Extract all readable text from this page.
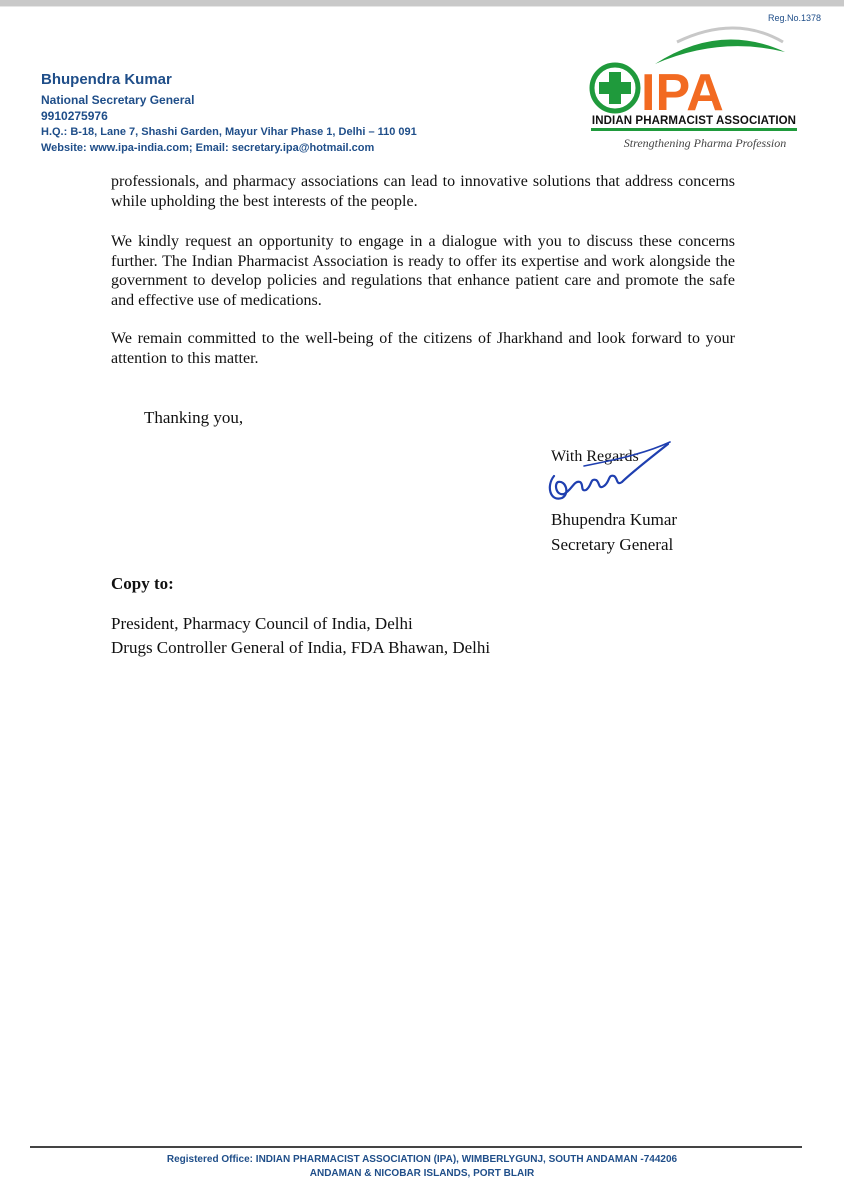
Bhupendra Kumar
National Secretary General
9910275976
H.Q.: B-18, Lane 7, Shashi Garden, Mayur Vihar Phase 1, Delhi – 110 091
Website: www.ipa-india.com; Email: secretary.ipa@hotmail.com
Reg.No.1378
IPA
INDIAN PHARMACIST ASSOCIATION
Strengthening Pharma Profession

professionals, and pharmacy associations can lead to innovative solutions that address concerns while upholding the best interests of the people.

We kindly request an opportunity to engage in a dialogue with you to discuss these concerns further. The Indian Pharmacist Association is ready to offer its expertise and work alongside the government to develop policies and regulations that enhance patient care and promote the safe and effective use of medications.

We remain committed to the well-being of the citizens of Jharkhand and look forward to your attention to this matter.

Thanking you,
With Regards
Bhupendra Kumar
Secretary General
Copy to:
President, Pharmacy Council of India, Delhi
Drugs Controller General of India, FDA Bhawan, Delhi
Registered Office: INDIAN PHARMACIST ASSOCIATION (IPA), WIMBERLYGUNJ, SOUTH ANDAMAN -744206
ANDAMAN & NICOBAR ISLANDS, PORT BLAIR
